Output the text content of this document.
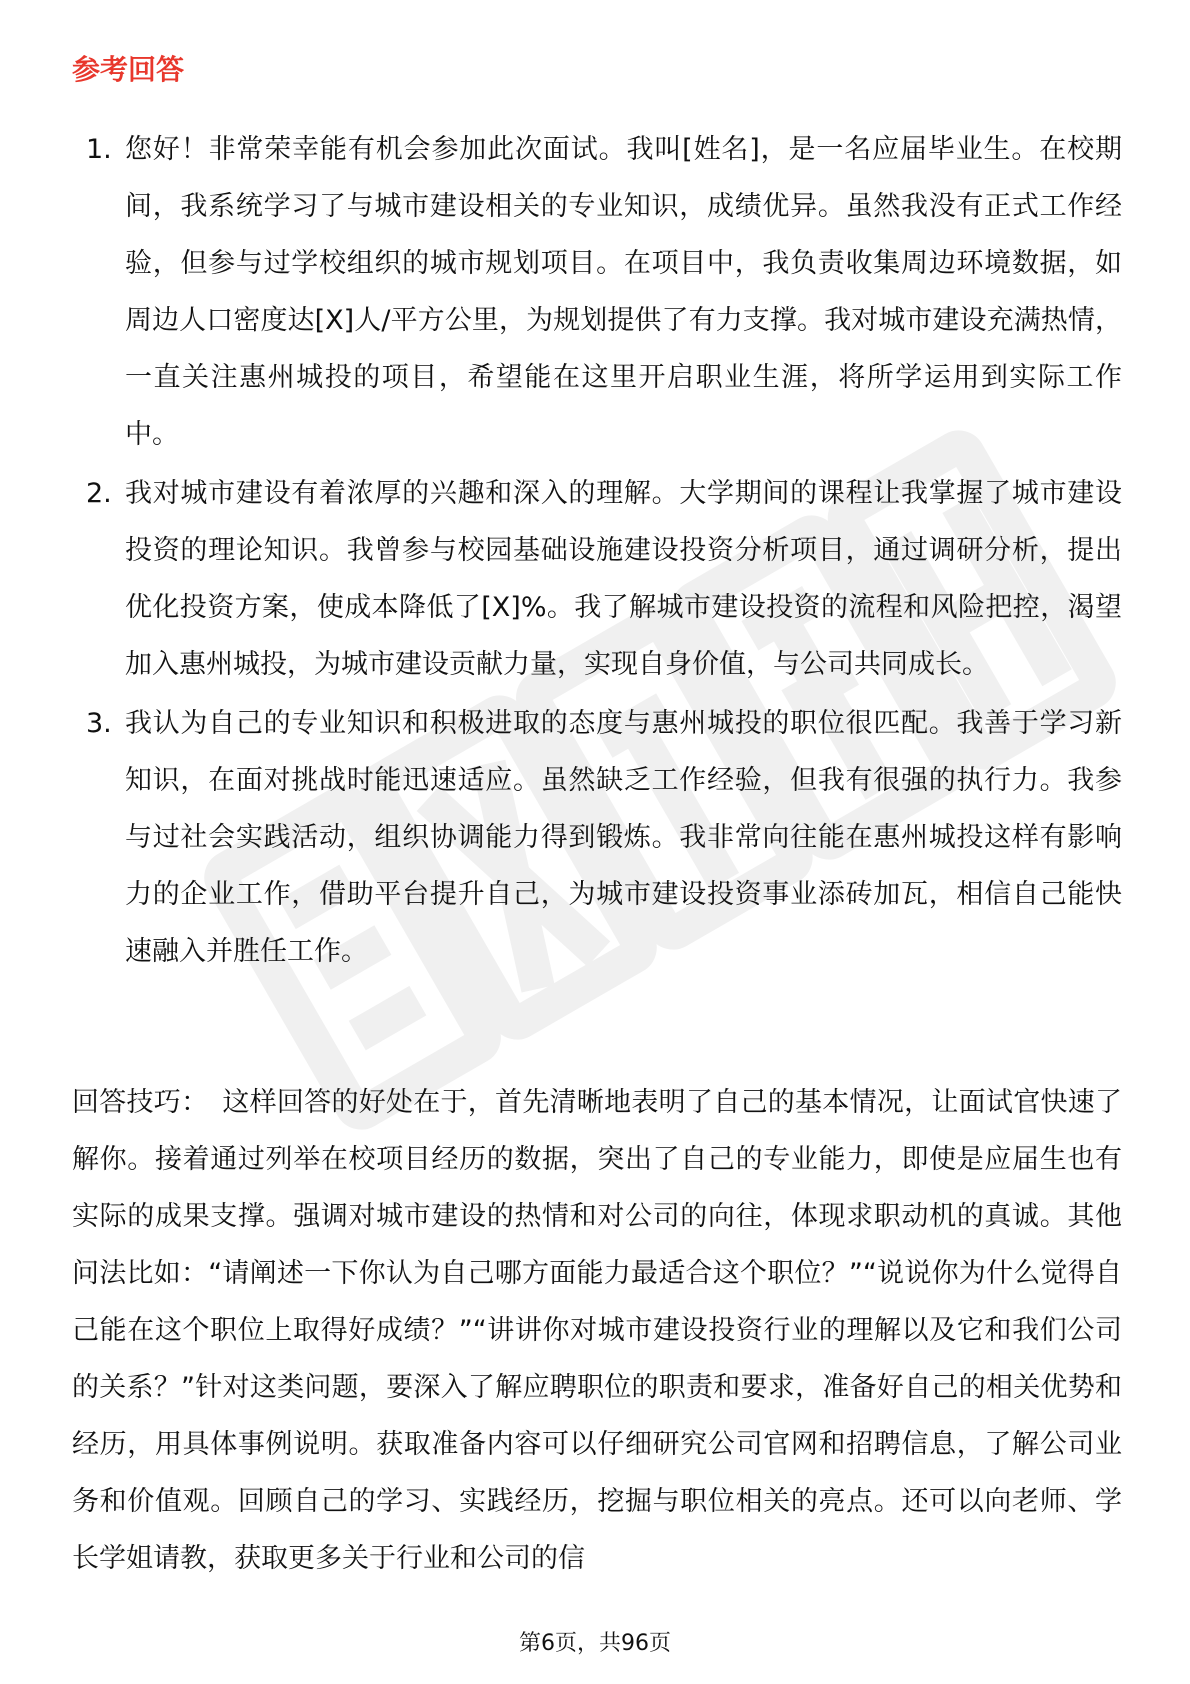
参考回答
1. 您好！非常荣幸能有机会参加此次面试。我叫[姓名]，是一名应届毕业生。在校期间，我系统学习了与城市建设相关的专业知识，成绩优异。虽然我没有正式工作经验，但参与过学校组织的城市规划项目。在项目中，我负责收集周边环境数据，如周边人口密度达[X]人/平方公里，为规划提供了有力支撑。我对城市建设充满热情，一直关注惠州城投的项目，希望能在这里开启职业生涯，将所学运用到实际工作中。
2. 我对城市建设有着浓厚的兴趣和深入的理解。大学期间的课程让我掌握了城市建设投资的理论知识。我曾参与校园基础设施建设投资分析项目，通过调研分析，提出优化投资方案，使成本降低了[X]%。我了解城市建设投资的流程和风险把控，渴望加入惠州城投，为城市建设贡献力量，实现自身价值，与公司共同成长。
3. 我认为自己的专业知识和积极进取的态度与惠州城投的职位很匹配。我善于学习新知识，在面对挑战时能迅速适应。虽然缺乏工作经验，但我有很强的执行力。我参与过社会实践活动，组织协调能力得到锻炼。我非常向往能在惠州城投这样有影响力的企业工作，借助平台提升自己，为城市建设投资事业添砖加瓦，相信自己能快速融入并胜任工作。

回答技巧： 这样回答的好处在于，首先清晰地表明了自己的基本情况，让面试官快速了解你。接着通过列举在校项目经历的数据，突出了自己的专业能力，即使是应届生也有实际的成果支撑。强调对城市建设的热情和对公司的向往，体现求职动机的真诚。其他问法比如：“请阐述一下你认为自己哪方面能力最适合这个职位？”“说说你为什么觉得自己能在这个职位上取得好成绩？”“讲讲你对城市建设投资行业的理解以及它和我们公司的关系？”针对这类问题，要深入了解应聘职位的职责和要求，准备好自己的相关优势和经历，用具体事例说明。获取准备内容可以仔细研究公司官网和招聘信息，了解公司业务和价值观。回顾自己的学习、实践经历，挖掘与职位相关的亮点。还可以向老师、学长学姐请教，获取更多关于行业和公司的信

第6页，共96页
